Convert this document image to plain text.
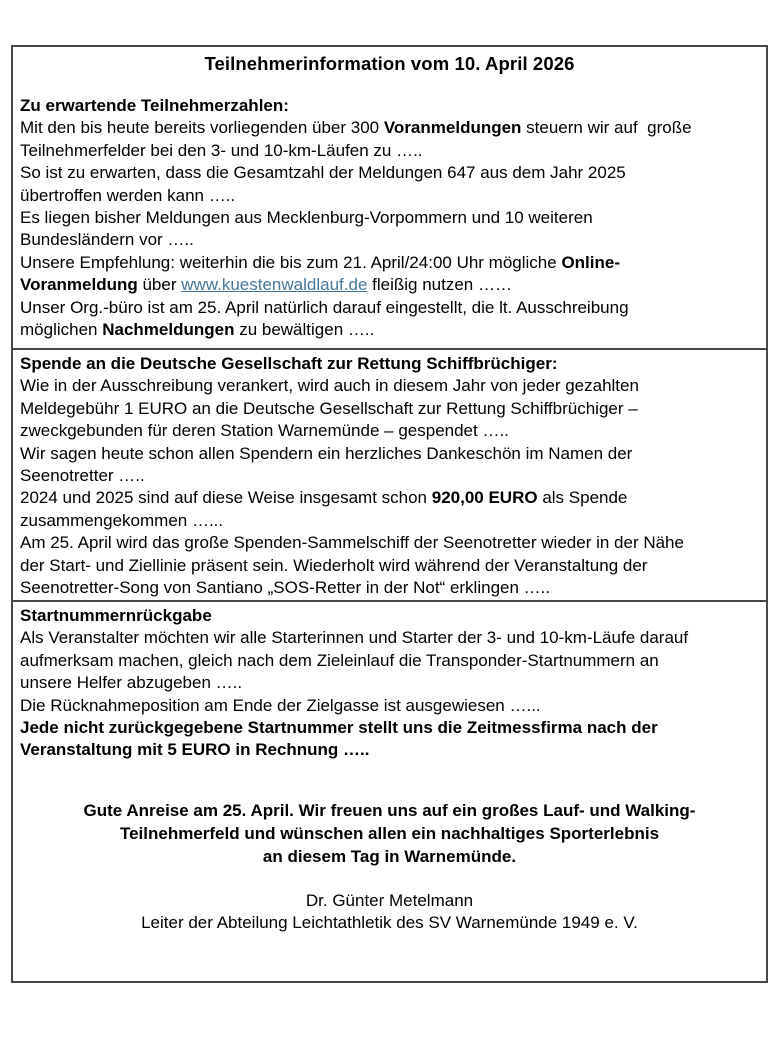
Teilnehmerinformation vom 10. April 2026
Zu erwartende Teilnehmerzahlen:
Mit den bis heute bereits vorliegenden über 300 Voranmeldungen steuern wir auf  große
Teilnehmerfelder bei den 3- und 10-km-Läufen zu …..
So ist zu erwarten, dass die Gesamtzahl der Meldungen 647 aus dem Jahr 2025
übertroffen werden kann …..
Es liegen bisher Meldungen aus Mecklenburg-Vorpommern und 10 weiteren
Bundesländern vor …..
Unsere Empfehlung: weiterhin die bis zum 21. April/24:00 Uhr mögliche Online-
Voranmeldung über www.kuestenwaldlauf.de fleißig nutzen ……
Unser Org.-büro ist am 25. April natürlich darauf eingestellt, die lt. Ausschreibung
möglichen Nachmeldungen zu bewältigen …..
Spende an die Deutsche Gesellschaft zur Rettung Schiffbrüchiger:
Wie in der Ausschreibung verankert, wird auch in diesem Jahr von jeder gezahlten
Meldegebühr 1 EURO an die Deutsche Gesellschaft zur Rettung Schiffbrüchiger –
zweckgebunden für deren Station Warnemünde – gespendet …..
Wir sagen heute schon allen Spendern ein herzliches Dankeschön im Namen der
Seenotretter …..
2024 und 2025 sind auf diese Weise insgesamt schon 920,00 EURO als Spende
zusammengekommen …...
Am 25. April wird das große Spenden-Sammelschiff der Seenotretter wieder in der Nähe
der Start- und Ziellinie präsent sein. Wiederholt wird während der Veranstaltung der
Seenotretter-Song von Santiano „SOS-Retter in der Not“ erklingen …..
Startnummernrückgabe
Als Veranstalter möchten wir alle Starterinnen und Starter der 3- und 10-km-Läufe darauf
aufmerksam machen, gleich nach dem Zieleinlauf die Transponder-Startnummern an
unsere Helfer abzugeben …..
Die Rücknahmeposition am Ende der Zielgasse ist ausgewiesen …...
Jede nicht zurückgegebene Startnummer stellt uns die Zeitmessfirma nach der
Veranstaltung mit 5 EURO in Rechnung …..
Gute Anreise am 25. April. Wir freuen uns auf ein großes Lauf- und Walking-
Teilnehmerfeld und wünschen allen ein nachhaltiges Sporterlebnis
an diesem Tag in Warnemünde.
Dr. Günter Metelmann
Leiter der Abteilung Leichtathletik des SV Warnemünde 1949 e. V.
